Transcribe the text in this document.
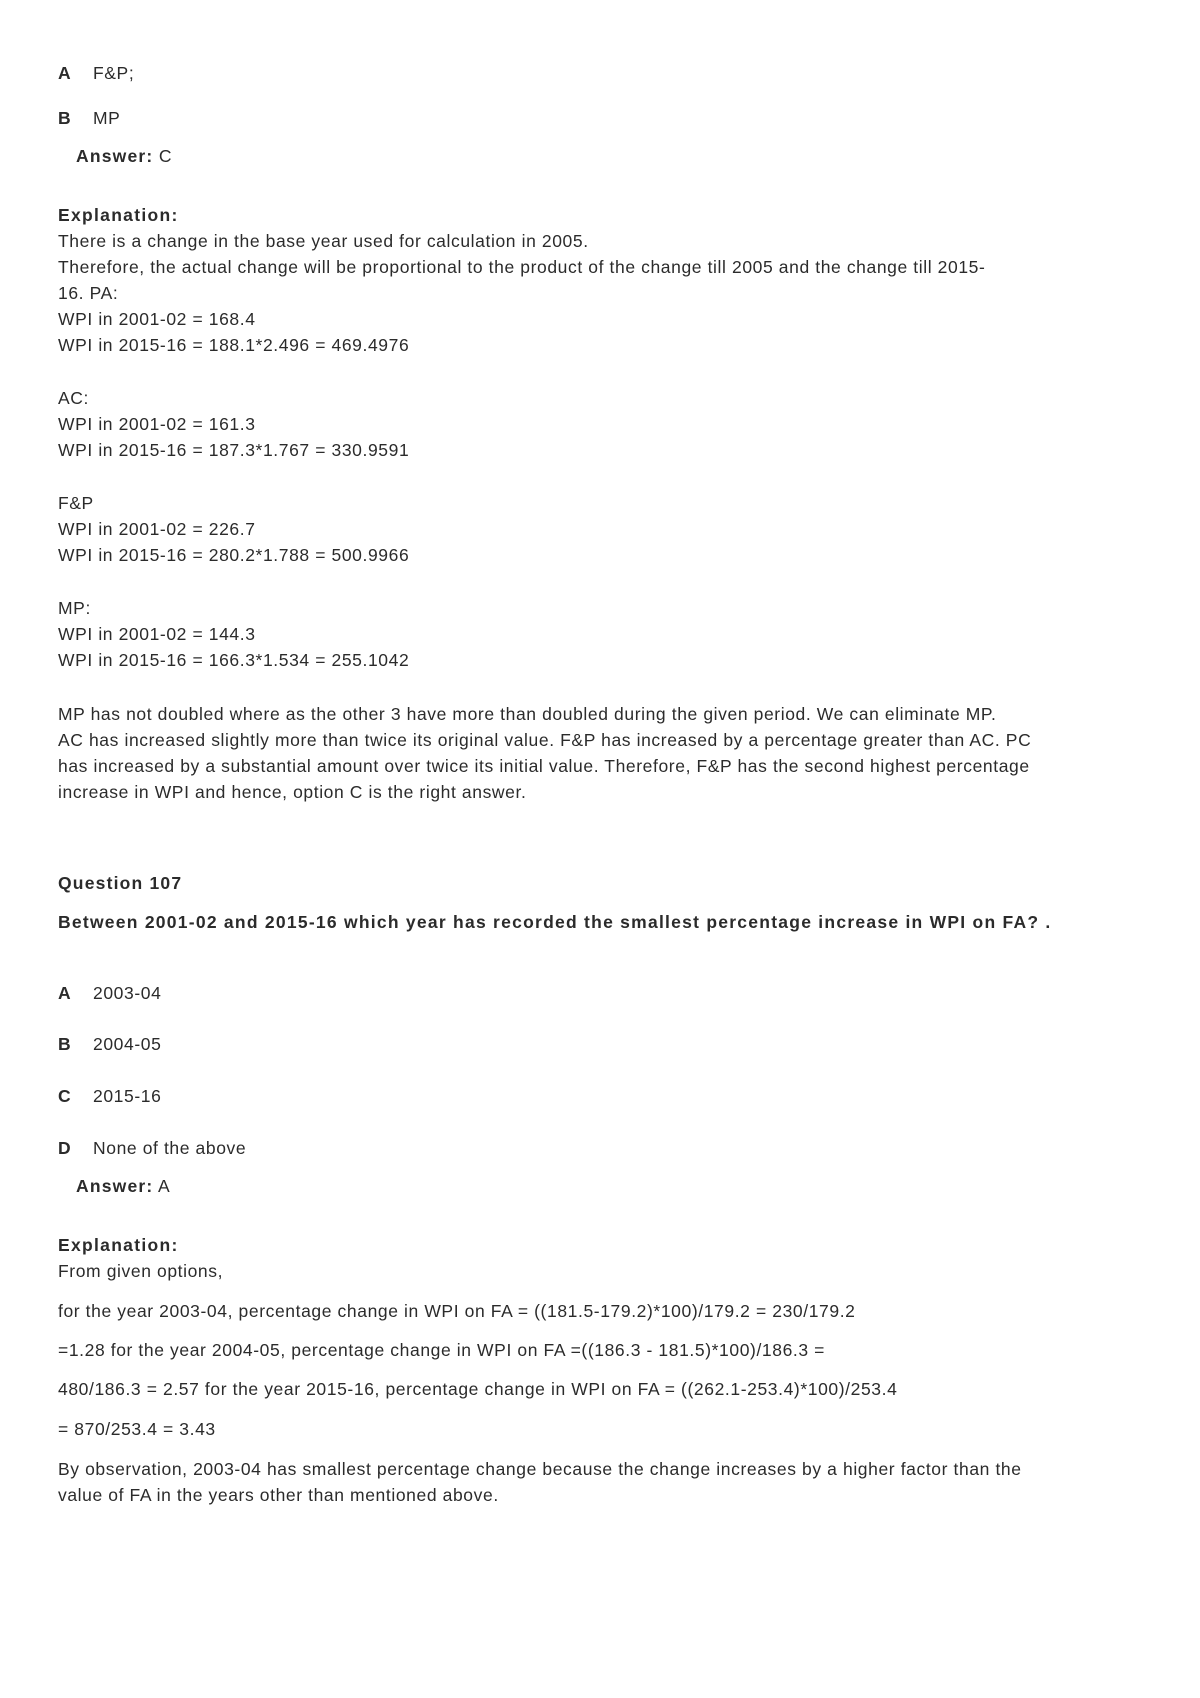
A F&P;
B MP
Answer: C
Explanation:
There is a change in the base year used for calculation in 2005.
Therefore, the actual change will be proportional to the product of the change till 2005 and the change till 2015-
16. PA:
WPI in 2001-02 = 168.4
WPI in 2015-16 = 188.1*2.496 = 469.4976
AC:
WPI in 2001-02 = 161.3
WPI in 2015-16 = 187.3*1.767 = 330.9591
F&P
WPI in 2001-02 = 226.7
WPI in 2015-16 = 280.2*1.788 = 500.9966
MP:
WPI in 2001-02 = 144.3
WPI in 2015-16 = 166.3*1.534 = 255.1042
MP has not doubled where as the other 3 have more than doubled during the given period. We can eliminate MP.
AC has increased slightly more than twice its original value. F&P has increased by a percentage greater than AC. PC
has increased by a substantial amount over twice its initial value. Therefore, F&P has the second highest percentage
increase in WPI and hence, option C is the right answer.
Question 107
Between 2001-02 and 2015-16 which year has recorded the smallest percentage increase in WPI on FA? .
A 2003-04
B 2004-05
C 2015-16
D None of the above
Answer: A
Explanation:
From given options,
for the year 2003-04, percentage change in WPI on FA = ((181.5-179.2)*100)/179.2 = 230/179.2
=1.28 for the year 2004-05, percentage change in WPI on FA =((186.3 - 181.5)*100)/186.3 =
480/186.3 = 2.57 for the year 2015-16, percentage change in WPI on FA = ((262.1-253.4)*100)/253.4
= 870/253.4 = 3.43
By observation, 2003-04 has smallest percentage change because the change increases by a higher factor than the
value of FA in the years other than mentioned above.
